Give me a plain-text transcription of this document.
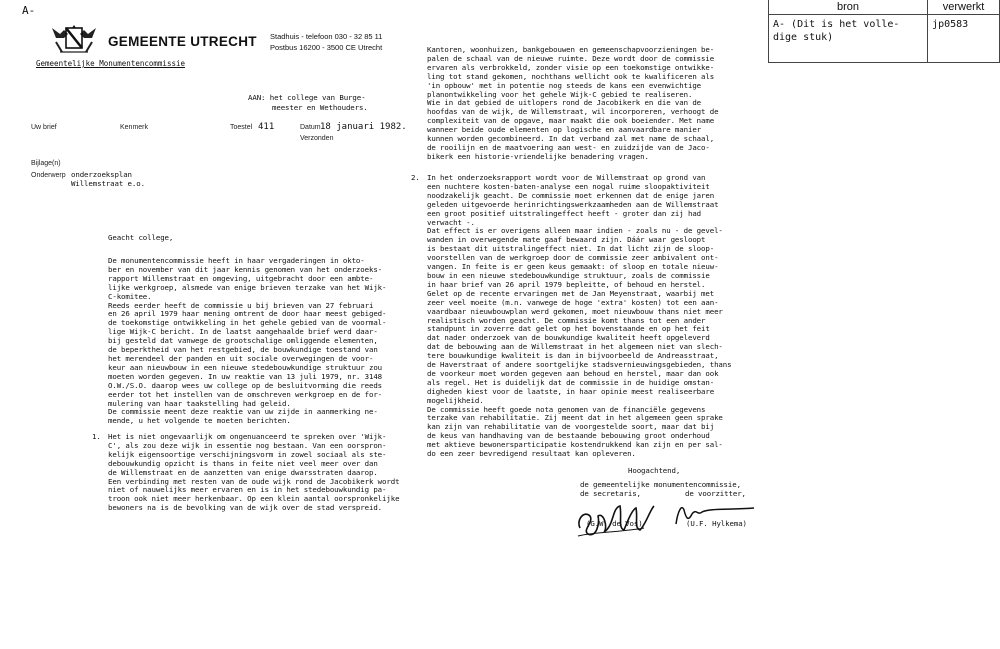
A-
GEMEENTE UTRECHT Stadhuis - telefoon 030 - 32 85 11
Postbus 16200 - 3500 CE Utrecht
Gemeentelijke Monumentencommissie
AAN: het college van Burge-
meester en Wethouders.
Uw brief	Kenmerk	Toestel 411	Datum 18 januari 1982.
Verzonden
Bijlage(n)
Onderwerp onderzoeksplan
Willemstraat e.o.
Geacht college,
De monumentencommissie heeft in haar vergaderingen in okto-
ber en november van dit jaar kennis genomen van het onderzoeks-
rapport Willemstraat en omgeving, uitgebracht door een ambte-
lijke werkgroep, alsmede van enige brieven terzake van het Wijk-
C-komitee.
Reeds eerder heeft de commissie u bij brieven van 27 februari
en 26 april 1979 haar mening omtrent de door haar meest gebiged-
de toekomstige ontwikkeling in het gehele gebied van de voormal-
lige Wijk-C bericht. In de laatst aangehaalde brief werd daar-
bij gesteld dat vanwege de grootschalige omliggende elementen,
de beperktheid van het restgebied, de bouwkundige toestand van
het merendeel der panden en uit sociale overwegingen de voor-
keur aan nieuwbouw in een nieuwe stedebouwkundige struktuur zou
moeten worden gegeven. In uw reaktie van 13 juli 1979, nr. 3148
O.W./S.O. daarop wees uw college op de besluitvorming die reeds
eerder tot het instellen van de omschreven werkgroep en de for-
mulering van haar taakstelling had geleid.
De commissie meent deze reaktie van uw zijde in aanmerking ne-
mende, u het volgende te moeten berichten.
1. Het is niet ongevaarlijk om ongenuanceerd te spreken over 'Wijk-
C', als zou deze wijk in essentie nog bestaan. Van een oorspron-
kelijk eigensoortige verschijningsvorm in zowel sociaal als ste-
debouwkundig opzicht is thans in feite niet veel meer over dan
de Willemstraat en de aanzetten van enige dwarsstraten daarop.
Een verbinding met resten van de oude wijk rond de Jacobikerk wordt
niet of nauwelijks meer ervaren en is in het stedebouwkundig pa-
troon ook niet meer herkenbaar. Op een klein aantal oorspronkelijke
bewoners na is de bevolking van de wijk over de stad verspreid.
Kantoren, woonhuizen, bankgebouwen en gemeenschapvoorzieningen be-
palen de schaal van de nieuwe ruimte. Deze wordt door de commissie
ervaren als verbrokkeld, zonder visie op een toekomstige ontwikke-
ling tot stand gekomen, nochthans wellicht ook te kwalificeren als
'in opbouw' met in potentie nog steeds de kans een evenwichtige
planontwikkeling voor het gehele Wijk-C gebied te realiseren.
Wie in dat gebied de uitlopers rond de Jacobikerk en die van de
hoofdas van de wijk, de Willemstraat, wil incorporeren, verhoogt de
complexiteit van de opgave, maar maakt die ook boeiender. Met name
wanneer beide oude elementen op logische en aanvaardbare manier
kunnen worden gecombineerd. In dat verband zal met name de schaal,
de rooilijn en de maatvoering aan west- en zuidzijde van de Jaco-
bikerk een historie-vriendelijke benadering vragen.
2. In het onderzoeksrapport wordt voor de Willemstraat op grond van
een nuchtere kosten-baten-analyse een nogal ruime sloopaktiviteit
noodzakelijk geacht. De commissie moet erkennen dat de enige jaren
geleden uitgevoerde herinrichtingswerkzaamheden aan de Willemstraat
een groot positief uitstralingeffect heeft - groter dan zij had
verwacht -.
Dat effect is er overigens alleen maar indien - zoals nu - de gevel-
wanden in overwegende mate gaaf bewaard zijn. Dáár waar gesloopt
is bestaat dit uitstralingeffect niet. In dat licht zijn de sloop-
voorstellen van de werkgroep door de commissie zeer ambivalent ont-
vangen. In feite is er geen keus gemaakt: of sloop en totale nieuw-
bouw in een nieuwe stedebouwkundige struktuur, zoals de commissie
in haar brief van 26 april 1979 bepleitte, of behoud en herstel.
Gelet op de recente ervaringen met de Jan Meyenstraat, waarbij met
zeer veel moeite (m.n. vanwege de hoge 'extra' kosten) tot een aan-
vaardbaar nieuwbouwplan werd gekomen, moet nieuwbouw thans niet meer
realistisch worden geacht. De commissie komt thans tot een ander
standpunt in zoverre dat gelet op het bovenstaande en op het feit
dat nader onderzoek van de bouwkundige kwaliteit heeft opgeleverd
dat de bebouwing aan de Willemstraat in het algemeen niet van slech-
tere bouwkundige kwaliteit is dan in bijvoorbeeld de Andreasstraat,
de Haverstraat of andere soortgelijke stadsvernieuwingsgebieden, thans
de voorkeur moet worden gegeven aan behoud en herstel, maar dan ook
als regel. Het is duidelijk dat de commissie in de huidige omstan-
digheden kiest voor de laatste, in haar opinie meest realiseerbare
mogelijkheid.
De commissie heeft goede nota genomen van de financiële gegevens
terzake van rehabilitatie. Zij meent dat in het algemeen geen sprake
kan zijn van rehabilitatie van de voorgestelde soort, maar dat bij
de keus van handhaving van de bestaande bebouwing groot onderhoud
met aktieve bewonersparticipatie kostendrukkend kan zijn en per sal-
do een zeer bevredigend resultaat kan opleveren.
Hoogachtend,
de gemeentelijke monumentencommissie,
de secretaris,	de voorzitter,
(G.W. de Vos)	(U.F. Hylkema)
bron	verwerkt
A- (Dit is het volle-
dige stuk)	jp0583
